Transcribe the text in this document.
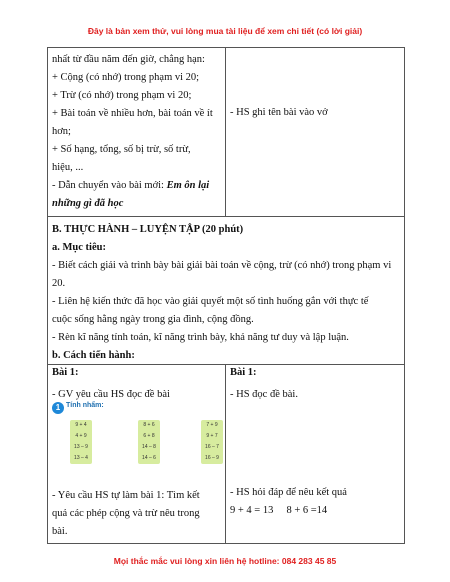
Đây là bản xem thử, vui lòng mua tài liệu để xem chi tiết (có lời giải)
nhất từ đầu năm đến giờ, chẳng hạn:
+ Cộng (có nhớ) trong phạm vi 20;
+ Trừ (có nhớ) trong phạm vi 20;
+ Bài toán về nhiều hơn, bài toán về ít
hơn;
+ Số hạng, tổng, số bị trừ, số trừ,
hiệu, ...
- Dẫn chuyển vào bài mới: Em ôn lại
những gì đã học
- HS ghi tên bài vào vở
B. THỰC HÀNH – LUYỆN TẬP (20 phút)
a. Mục tiêu:
- Biết cách giải và trình bày bài giải bài toán về cộng, trừ (có nhớ) trong phạm vi
20.
- Liên hệ kiến thức đã học vào giải quyết một số tình huống gắn với thực tế
cuộc sống hằng ngày trong gia đình, cộng đồng.
- Rèn kĩ năng tính toán, kĩ năng trình bày, khả năng tư duy và lập luận.
b. Cách tiến hành:
Bài 1:
- GV yêu cầu HS đọc đề bài
1 Tính nhẩm:
9 + 4
4 + 9
13 – 9
13 – 4
8 + 6
6 + 8
14 – 8
14 – 6
7 + 9
9 + 7
16 – 7
16 – 9
- Yêu cầu HS tự làm bài 1: Tìm kết
quả các phép cộng và trừ nêu trong
bài.
Bài 1:
- HS đọc đề bài.
- HS hỏi đáp để nêu kết quả
9 + 4 = 13     8 + 6 =14
Mọi thắc mắc vui lòng xin liên hệ hotline: 084 283 45 85
